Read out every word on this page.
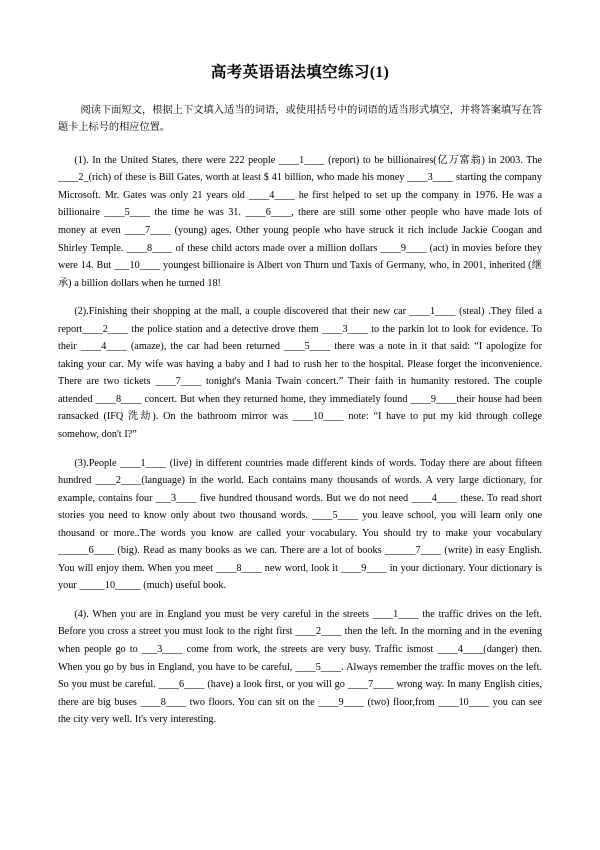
高考英语语法填空练习(1)

阅读下面短文，根据上下文填入适当的词语，或使用括号中的词语的适当形式填空，并将答案填写在答题卡上标号的相应位置。

(1). In the United States, there were 222 people ____1____ (report) to be billionaires(亿万富翁) in 2003. The ____2_(rich) of these is Bill Gates, worth at least $ 41 billion, who made his money ____3____ starting the company Microsoft. Mr. Gates was only 21 years old ____4____ he first helped to set up the company in 1976. He was a billionaire ____5____ the time he was 31. ____6____, there are still some other people who have made lots of money at even ____7____ (young) ages. Other young people who have struck it rich include Jackie Coogan and Shirley Temple. ____8____ of these child actors made over a million dollars ____9____ (act) in movies before they were 14. But ___10____ youngest billionaire is Albert von Thurn und Taxis of Germany, who, in 2001, inherited (继承) a billion dollars when he turned 18!

(2).Finishing their shopping at the mall, a couple discovered that their new car ____1____ (steal) .They filed a report____2____ the police station and a detective drove them ____3____ to the parkin lot to look for evidence. To their ____4____ (amaze), the car had been returned ____5____ there was a note in it that said: “I apologize for taking your car. My wife was having a baby and I had to rush her to the hospital. Please forget the inconvenience. There are two tickets ____7____ tonight's Mania Twain concert.” Their faith in humanity restored. The couple attended ____8____ concert. But when they returned home, they immediately found ____9____their house had been ransacked (IFQ 洗劫). On the bathroom mirror was ____10____ note: “I have to put my kid through college somehow, don't I?”

(3).People ____1____ (live) in different countries made different kinds of words. Today there are about fifteen hundred ____2____(language) in the world. Each contains many thousands of words. A very large dictionary, for example, contains four ___3____ five hundred thousand words. But we do not need ____4____ these. To read short stories you need to know only about two thousand words. ____5____ you leave school, you will learn only one thousand or more..The words you know are called your vocabulary. You should try to make your vocabulary ______6____ (big). Read as many books as we can. There are a lot of books ______7____ (write) in easy English. You will enjoy them. When you meet ____8____ new word, look it ____9____ in your dictionary. Your dictionary is your _____10_____ (much) useful book.

(4). When you are in England you must be very careful in the streets ____1____ the traffic drives on the left. Before you cross a street you must look to the right first ____2____ then the left. In the morning and in the evening when people go to ___3____ come from work, the streets are very busy. Traffic ismost ____4____(danger) then. When you go by bus in England, you have to be careful, ____5____. Always remember the traffic moves on the left. So you must be careful. ____6____ (have) a look first, or you will go ____7____ wrong way. In many English cities, there are big buses ____8____ two floors. You can sit on the ____9____ (two) floor,from ____10____ you can see the city very well. It's very interesting.
